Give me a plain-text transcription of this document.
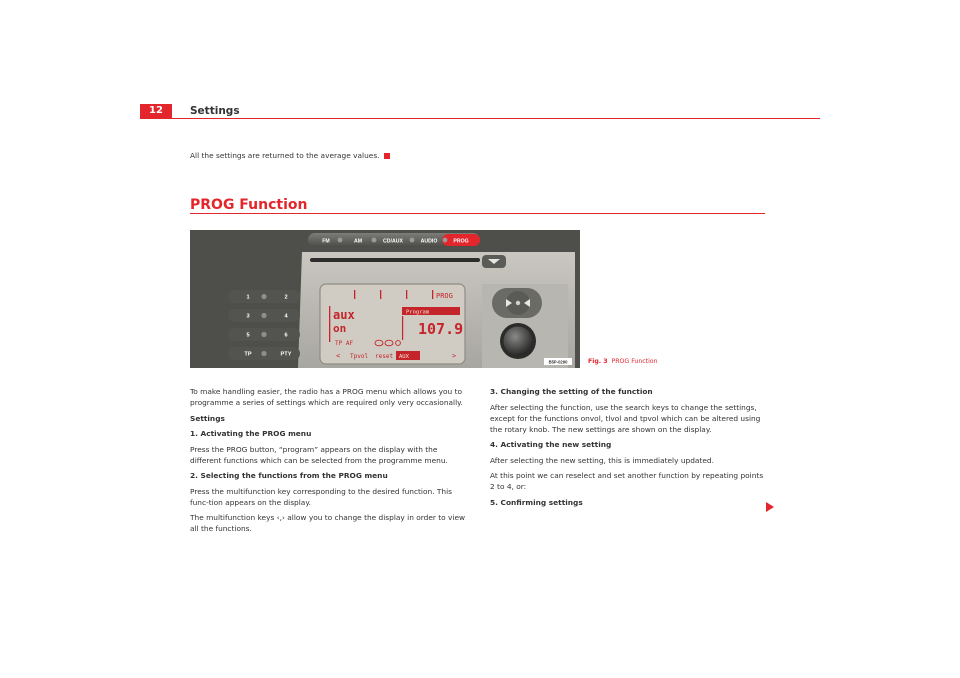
12	Settings
All the settings are returned to the average values.
PROG Function
FM	AM	CD/AUX	AUDIO	PROG
1	2
3	4
5	6
TP	PTY
PROG
aux
on
Program
107.9
TP AF
< Tpvol reset AUX	>
B5P-0290	Fig. 3 PROG Function

To make handling easier, the radio has a PROG menu which allows you to programme a series of settings which are required only very occasionally.

Settings

1. Activating the PROG menu

Press the PROG button, “program” appears on the display with the different functions which can be selected from the programme menu.

2. Selecting the functions from the PROG menu

Press the multifunction key corresponding to the desired function. This func-tion appears on the display.

The multifunction keys ‹,› allow you to change the display in order to view all the functions.

3. Changing the setting of the function

After selecting the function, use the search keys to change the settings, except for the functions onvol, tlvol and tpvol which can be altered using the rotary knob. The new settings are shown on the display.

4. Activating the new setting

After selecting the new setting, this is immediately updated.

At this point we can reselect and set another function by repeating points 2 to 4, or:

5. Confirming settings
